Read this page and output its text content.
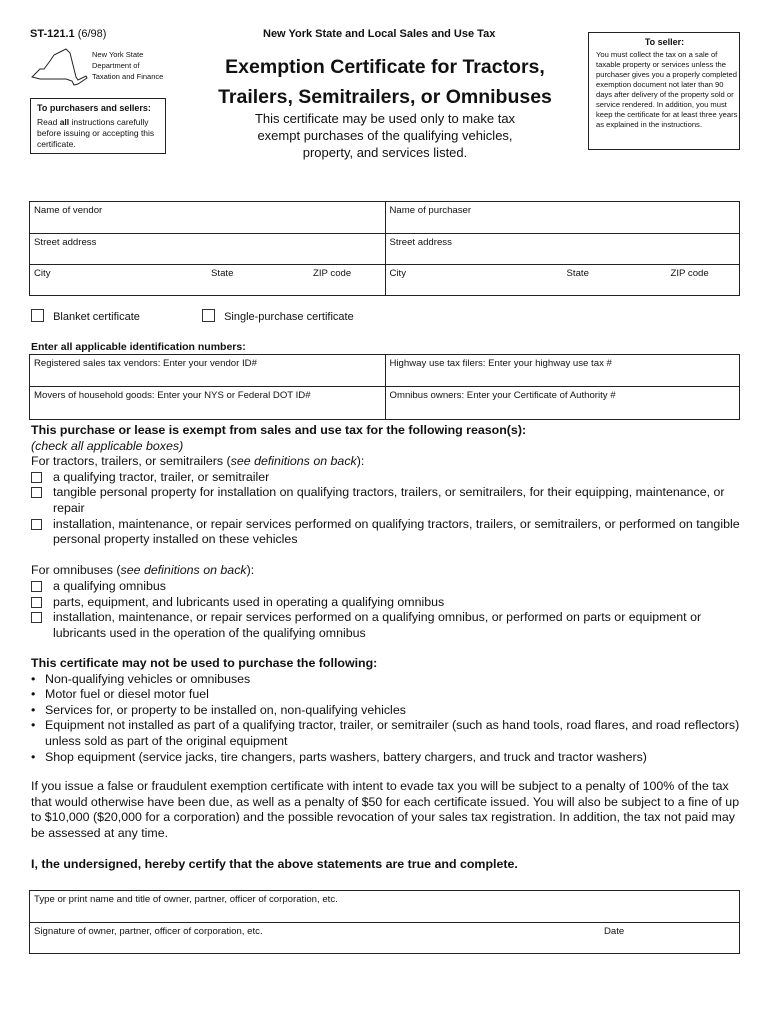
ST-121.1 (6/98)
New York State
Department of
Taxation and Finance
New York State and Local Sales and Use Tax
Exemption Certificate for Tractors,
Trailers, Semitrailers, or Omnibuses
This certificate may be used only to make tax exempt purchases of the qualifying vehicles, property, and services listed.
To purchasers and sellers:
Read all instructions carefully before issuing or accepting this certificate.
To seller:
You must collect the tax on a sale of taxable property or services unless the purchaser gives you a properly completed exemption document not later than 90 days after delivery of the property sold or service rendered. In addition, you must keep the certificate for at least three years as explained in the instructions.
Name of vendor	Name of purchaser
Street address	Street address

City State ZIP code	City State ZIP code
Blanket certificate	Single-purchase certificate
Enter all applicable identification numbers:
Registered sales tax vendors: Enter your vendor ID#	Highway use tax filers: Enter your highway use tax #
Movers of household goods: Enter your NYS or Federal DOT ID#	Omnibus owners: Enter your Certificate of Authority #
This purchase or lease is exempt from sales and use tax for the following reason(s):
(check all applicable boxes)
For tractors, trailers, or semitrailers (see definitions on back):
a qualifying tractor, trailer, or semitrailer
tangible personal property for installation on qualifying tractors, trailers, or semitrailers, for their equipping, maintenance, or repair
installation, maintenance, or repair services performed on qualifying tractors, trailers, or semitrailers, or performed on tangible personal property installed on these vehicles
For omnibuses (see definitions on back):
a qualifying omnibus
parts, equipment, and lubricants used in operating a qualifying omnibus
installation, maintenance, or repair services performed on a qualifying omnibus, or performed on parts or equipment or lubricants used in the operation of the qualifying omnibus
This certificate may not be used to purchase the following:
• Non-qualifying vehicles or omnibuses
• Motor fuel or diesel motor fuel
• Services for, or property to be installed on, non-qualifying vehicles
• Equipment not installed as part of a qualifying tractor, trailer, or semitrailer (such as hand tools, road flares, and road reflectors) unless sold as part of the original equipment
• Shop equipment (service jacks, tire changers, parts washers, battery chargers, and truck and tractor washers)
If you issue a false or fraudulent exemption certificate with intent to evade tax you will be subject to a penalty of 100% of the tax that would otherwise have been due, as well as a penalty of $50 for each certificate issued. You will also be subject to a fine of up to $10,000 ($20,000 for a corporation) and the possible revocation of your sales tax registration. In addition, the tax not paid may be assessed at any time.
I, the undersigned, hereby certify that the above statements are true and complete.
Type or print name and title of owner, partner, officer of corporation, etc.

Signature of owner, partner, officer of corporation, etc.	Date
